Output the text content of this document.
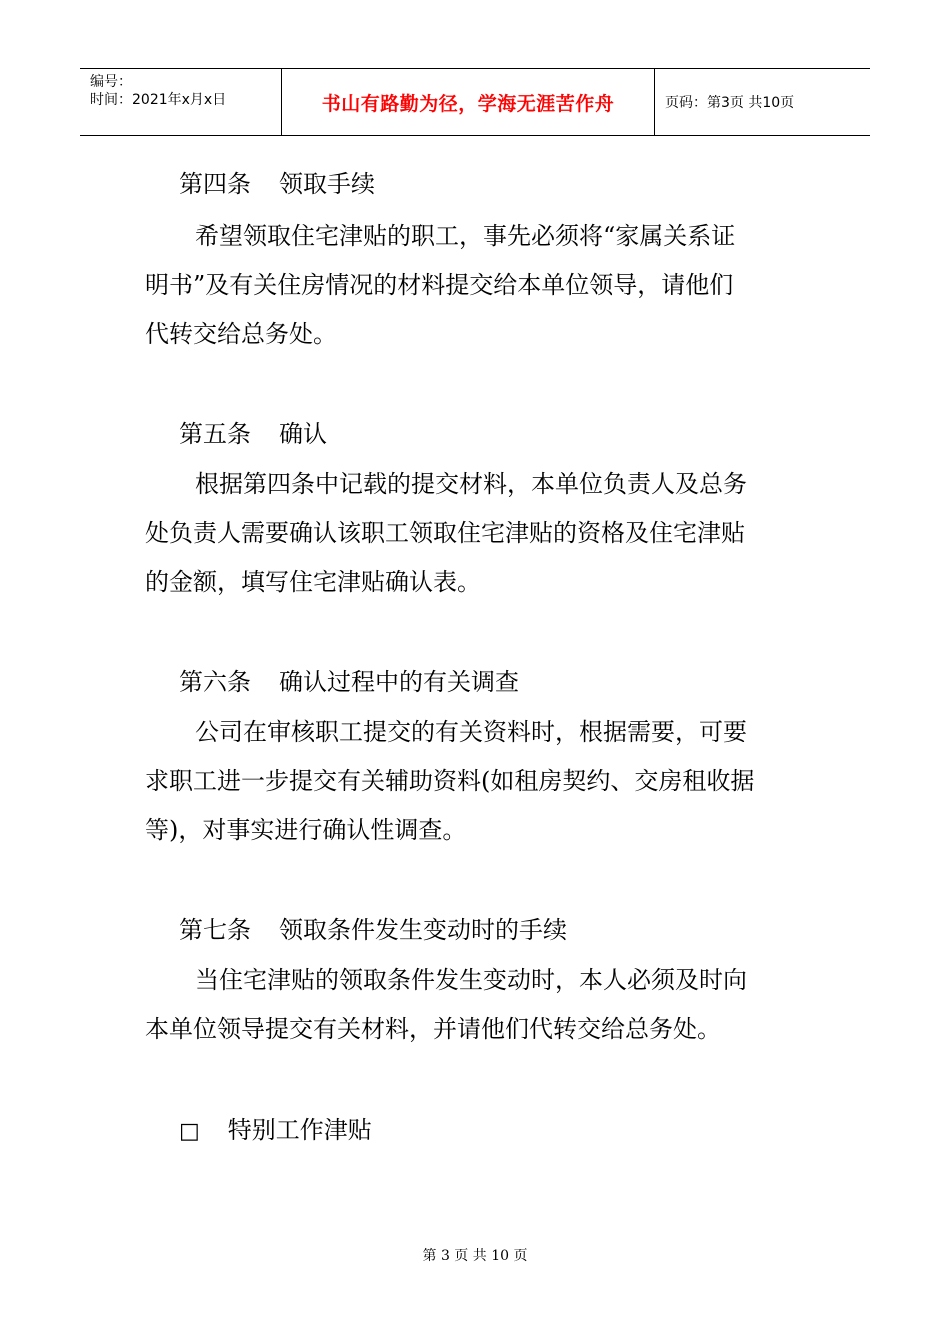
编号：
时间：2021年x月x日	书山有路勤为径，学海无涯苦作舟	页码：第3页 共10页
第四条 领取手续
希望领取住宅津贴的职工，事先必须将“家属关系证
明书”及有关住房情况的材料提交给本单位领导，请他们
代转交给总务处。
第五条 确认
根据第四条中记载的提交材料，本单位负责人及总务
处负责人需要确认该职工领取住宅津贴的资格及住宅津贴
的金额，填写住宅津贴确认表。
第六条 确认过程中的有关调查
公司在审核职工提交的有关资料时，根据需要，可要
求职工进一步提交有关辅助资料(如租房契约、交房租收据
等)，对事实进行确认性调查。
第七条 领取条件发生变动时的手续
当住宅津贴的领取条件发生变动时，本人必须及时向
本单位领导提交有关材料，并请他们代转交给总务处。
□ 特别工作津贴
第 3 页 共 10 页
